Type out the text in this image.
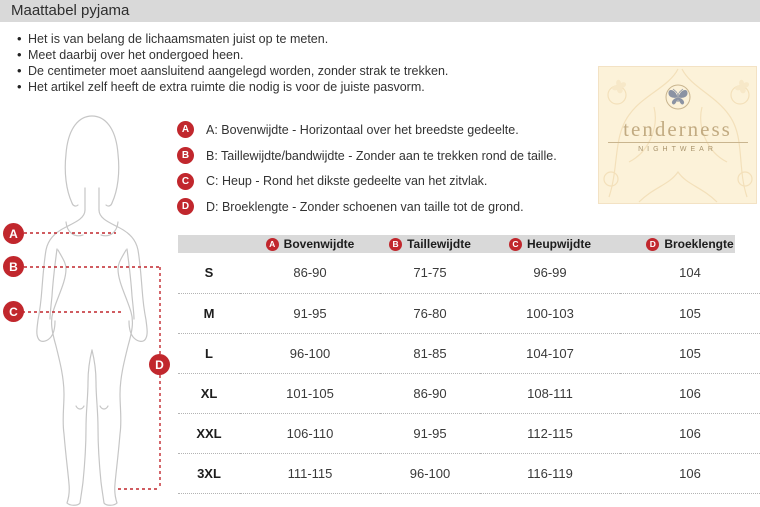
Maattabel pyjama
• Het is van belang de lichaamsmaten juist op te meten.
• Meet daarbij over het ondergoed heen.
• De centimeter moet aansluitend aangelegd worden, zonder strak te trekken.
• Het artikel zelf heeft de extra ruimte die nodig is voor de juiste pasvorm.
A	A: Bovenwijdte - Horizontaal over het breedste gedeelte.
B	B: Taillewijdte/bandwijdte - Zonder aan te trekken rond de taille.
C	C: Heup - Rond het dikste gedeelte van het zitvlak.
D	D: Broeklengte - Zonder schoenen van taille tot de grond.
tenderness
NIGHTWEAR
A
B
C
D

A Bovenwijdte	B Taillewijdte	C Heupwijdte	D Broeklengte

S	86-90	71-75	96-99	104
M	91-95	76-80	100-103	105
L	96-100	81-85	104-107	105
XL	101-105	86-90	108-111	106
XXL	106-110	91-95	112-115	106
3XL	111-115	96-100	116-119	106
